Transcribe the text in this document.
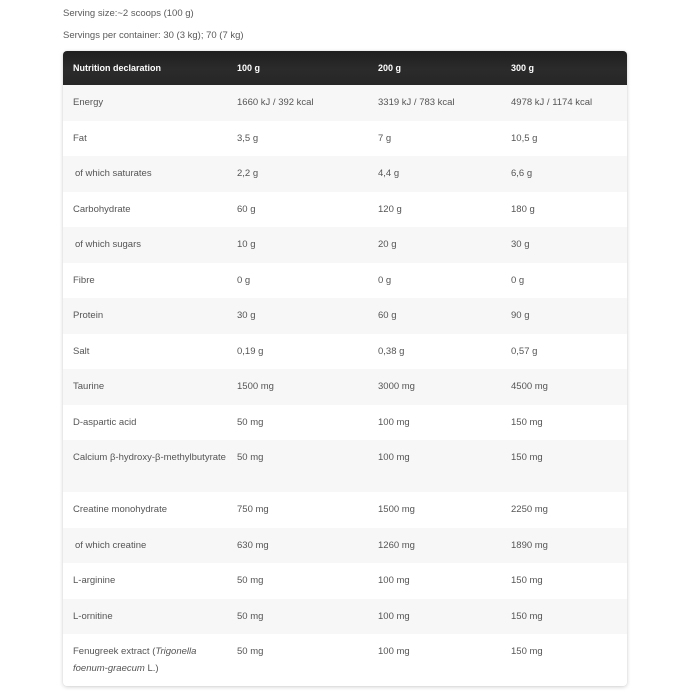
Serving size:~2 scoops (100 g)
Servings per container: 30 (3 kg); 70 (7 kg)
Nutrition declaration	100 g	200 g	300 g
Energy	1660 kJ / 392 kcal	3319 kJ / 783 kcal	4978 kJ / 1174 kcal
Fat	3,5 g	7 g	10,5 g
of which saturates	2,2 g	4,4 g	6,6 g
Carbohydrate	60 g	120 g	180 g
of which sugars	10 g	20 g	30 g
Fibre	0 g	0 g	0 g
Protein	30 g	60 g	90 g
Salt	0,19 g	0,38 g	0,57 g
Taurine	1500 mg	3000 mg	4500 mg
D-aspartic acid	50 mg	100 mg	150 mg
Calcium β-hydroxy-β-methylbutyrate	50 mg	100 mg	150 mg
Creatine monohydrate	750 mg	1500 mg	2250 mg
of which creatine	630 mg	1260 mg	1890 mg
L-arginine	50 mg	100 mg	150 mg
L-ornitine	50 mg	100 mg	150 mg
Fenugreek extract (Trigonella foenum-graecum L.)	50 mg	100 mg	150 mg
